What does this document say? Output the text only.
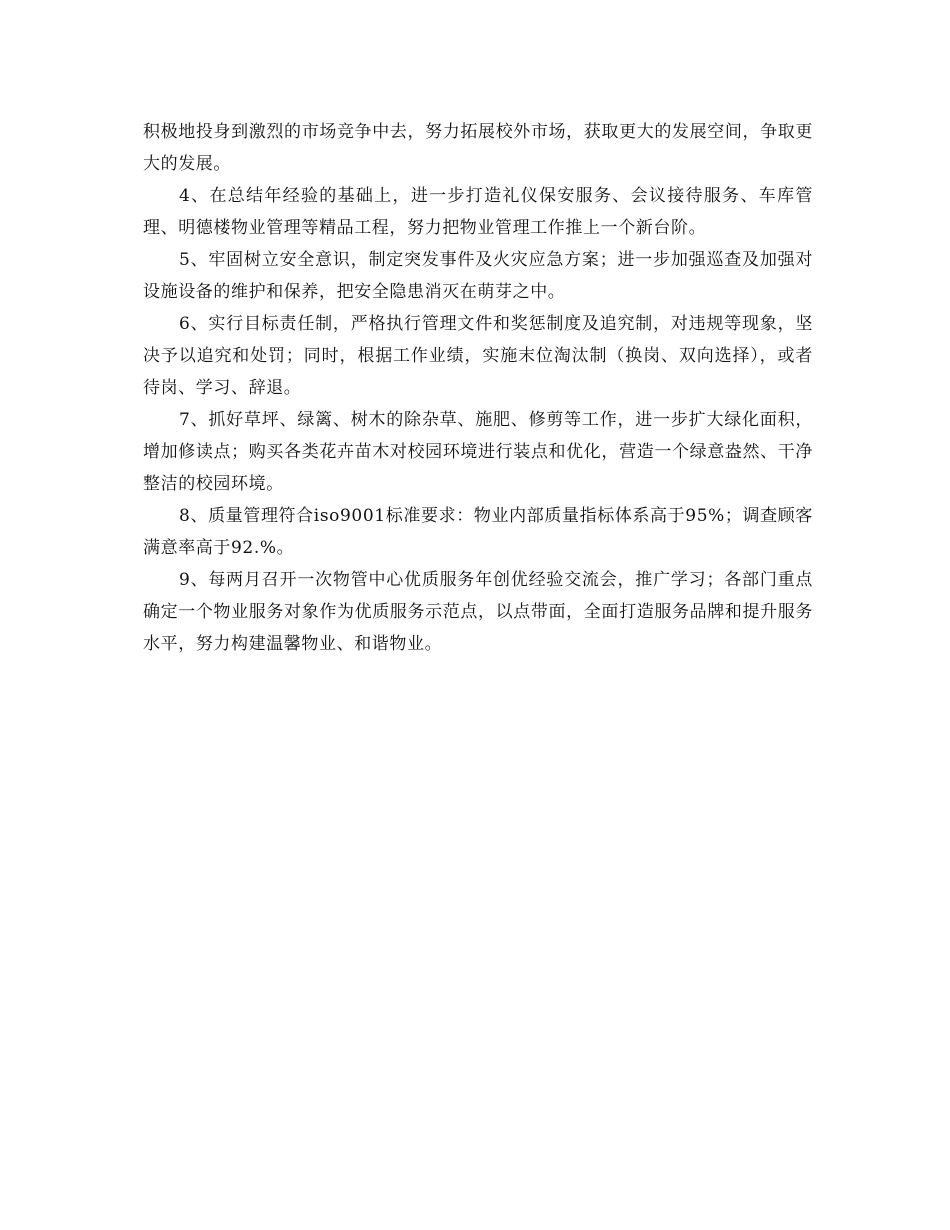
积极地投身到激烈的市场竞争中去，努力拓展校外市场，获取更大的发展空间，争取更大的发展。

4、在总结年经验的基础上，进一步打造礼仪保安服务、会议接待服务、车库管理、明德楼物业管理等精品工程，努力把物业管理工作推上一个新台阶。

5、牢固树立安全意识，制定突发事件及火灾应急方案；进一步加强巡查及加强对设施设备的维护和保养，把安全隐患消灭在萌芽之中。

6、实行目标责任制，严格执行管理文件和奖惩制度及追究制，对违规等现象，坚决予以追究和处罚；同时，根据工作业绩，实施末位淘汰制（换岗、双向选择），或者待岗、学习、辞退。

7、抓好草坪、绿篱、树木的除杂草、施肥、修剪等工作，进一步扩大绿化面积，增加修读点；购买各类花卉苗木对校园环境进行装点和优化，营造一个绿意盎然、干净整洁的校园环境。

8、质量管理符合iso9001标准要求：物业内部质量指标体系高于95%；调查顾客满意率高于92.%。

9、每两月召开一次物管中心优质服务年创优经验交流会，推广学习；各部门重点确定一个物业服务对象作为优质服务示范点，以点带面，全面打造服务品牌和提升服务水平，努力构建温馨物业、和谐物业。
